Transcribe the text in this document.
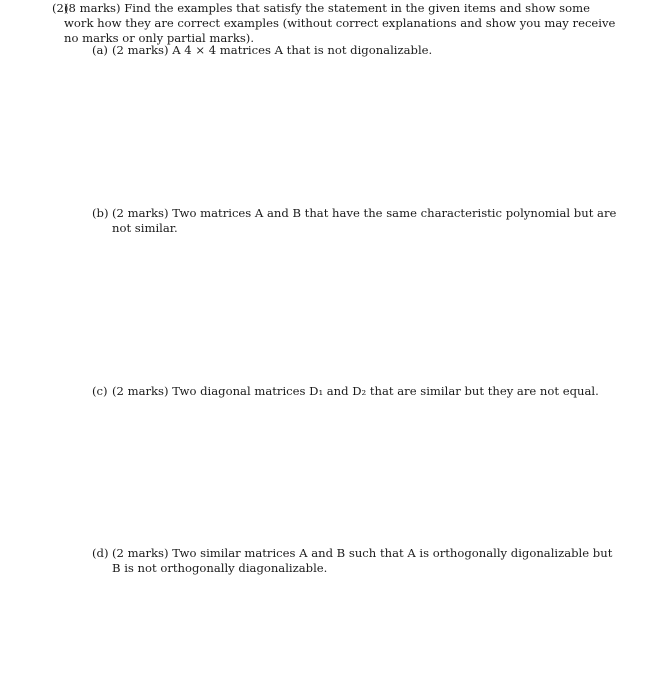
(2)
(8 marks) Find the examples that satisfy the statement in the given items and show some
work how they are correct examples (without correct explanations and show you may receive
no marks or only partial marks).
(a) (2 marks) A 4 × 4 matrices A that is not digonalizable.
(b) (2 marks) Two matrices A and B that have the same characteristic polynomial but are
not similar.
(c) (2 marks) Two diagonal matrices D₁ and D₂ that are similar but they are not equal.
(d) (2 marks) Two similar matrices A and B such that A is orthogonally digonalizable but
B is not orthogonally diagonalizable.
